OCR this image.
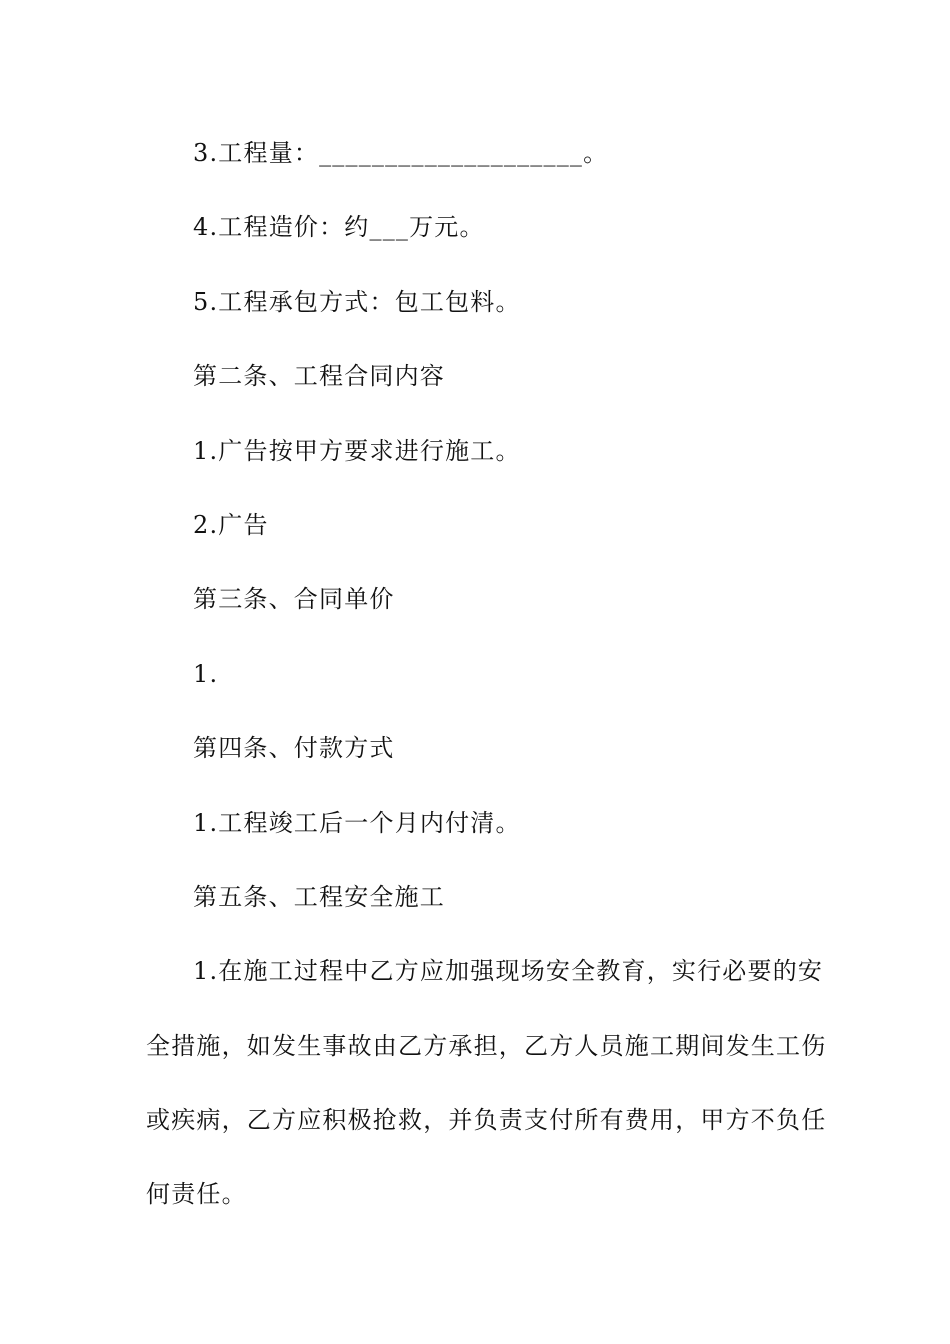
3.工程量：____________________。

4.工程造价：约___万元。

5.工程承包方式：包工包料。

第二条、工程合同内容

1.广告按甲方要求进行施工。

2.广告

第三条、合同单价

1.

第四条、付款方式

1.工程竣工后一个月内付清。

第五条、工程安全施工

1.在施工过程中乙方应加强现场安全教育，实行必要的安

全措施，如发生事故由乙方承担，乙方人员施工期间发生工伤

或疾病，乙方应积极抢救，并负责支付所有费用，甲方不负任

何责任。
